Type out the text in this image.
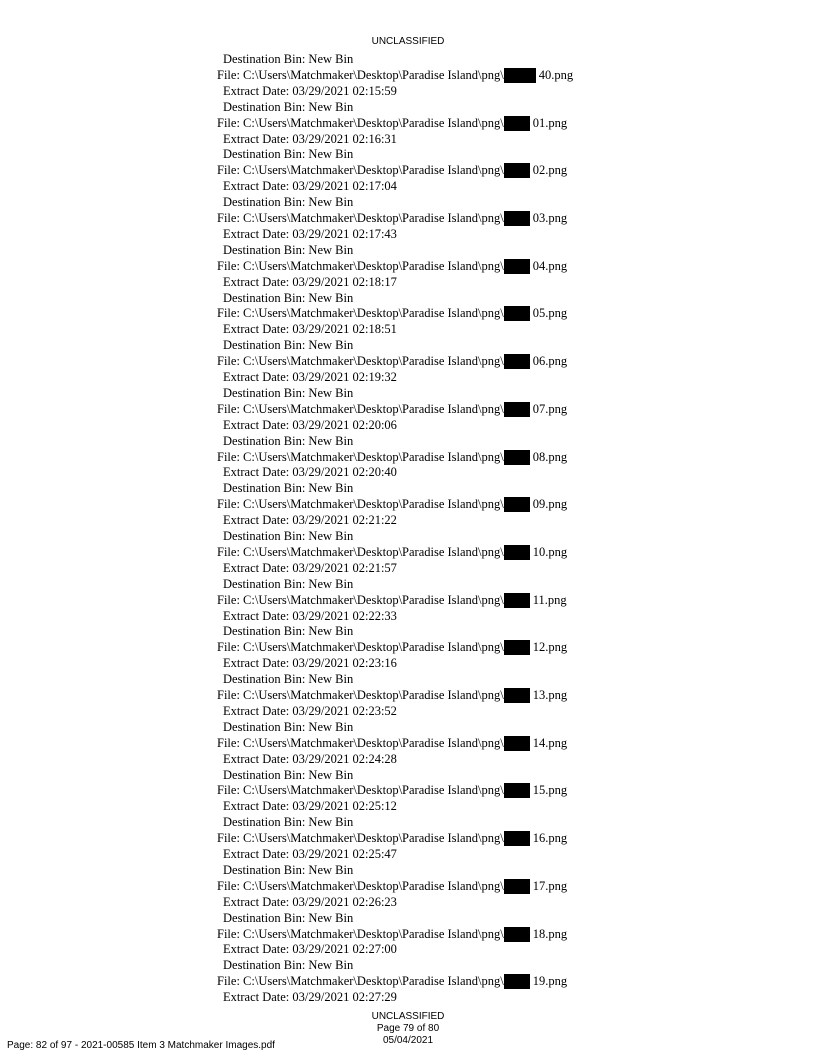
UNCLASSIFIED
Destination Bin: New Bin
File: C:\Users\Matchmaker\Desktop\Paradise Island\png\	40.png
Extract Date: 03/29/2021 02:15:59
Destination Bin: New Bin
File: C:\Users\Matchmaker\Desktop\Paradise Island\png\ 01.png
Extract Date: 03/29/2021 02:16:31
Destination Bin: New Bin
File: C:\Users\Matchmaker\Desktop\Paradise Island\png\ 02.png
Extract Date: 03/29/2021 02:17:04
Destination Bin: New Bin
File: C:\Users\Matchmaker\Desktop\Paradise Island\png\ 03.png
Extract Date: 03/29/2021 02:17:43
Destination Bin: New Bin
File: C:\Users\Matchmaker\Desktop\Paradise Island\png\ 04.png
Extract Date: 03/29/2021 02:18:17
Destination Bin: New Bin
File: C:\Users\Matchmaker\Desktop\Paradise Island\png\ 05.png
Extract Date: 03/29/2021 02:18:51
Destination Bin: New Bin
File: C:\Users\Matchmaker\Desktop\Paradise Island\png\ 06.png
Extract Date: 03/29/2021 02:19:32
Destination Bin: New Bin
File: C:\Users\Matchmaker\Desktop\Paradise Island\png\ 07.png
Extract Date: 03/29/2021 02:20:06
Destination Bin: New Bin
File: C:\Users\Matchmaker\Desktop\Paradise Island\png\ 08.png
Extract Date: 03/29/2021 02:20:40
Destination Bin: New Bin
File: C:\Users\Matchmaker\Desktop\Paradise Island\png\ 09.png
Extract Date: 03/29/2021 02:21:22
Destination Bin: New Bin
File: C:\Users\Matchmaker\Desktop\Paradise Island\png\ 10.png
Extract Date: 03/29/2021 02:21:57
Destination Bin: New Bin
File: C:\Users\Matchmaker\Desktop\Paradise Island\png\ 11.png
Extract Date: 03/29/2021 02:22:33
Destination Bin: New Bin
File: C:\Users\Matchmaker\Desktop\Paradise Island\png\ 12.png
Extract Date: 03/29/2021 02:23:16
Destination Bin: New Bin
File: C:\Users\Matchmaker\Desktop\Paradise Island\png\ 13.png
Extract Date: 03/29/2021 02:23:52
Destination Bin: New Bin
File: C:\Users\Matchmaker\Desktop\Paradise Island\png\ 14.png
Extract Date: 03/29/2021 02:24:28
Destination Bin: New Bin
File: C:\Users\Matchmaker\Desktop\Paradise Island\png\ 15.png
Extract Date: 03/29/2021 02:25:12
Destination Bin: New Bin
File: C:\Users\Matchmaker\Desktop\Paradise Island\png\ 16.png
Extract Date: 03/29/2021 02:25:47
Destination Bin: New Bin
File: C:\Users\Matchmaker\Desktop\Paradise Island\png\ 17.png
Extract Date: 03/29/2021 02:26:23
Destination Bin: New Bin
File: C:\Users\Matchmaker\Desktop\Paradise Island\png\ 18.png
Extract Date: 03/29/2021 02:27:00
Destination Bin: New Bin
File: C:\Users\Matchmaker\Desktop\Paradise Island\png\ 19.png
Extract Date: 03/29/2021 02:27:29
UNCLASSIFIED
Page 79 of 80
05/04/2021
Page: 82 of 97 - 2021-00585 Item 3 Matchmaker Images.pdf
